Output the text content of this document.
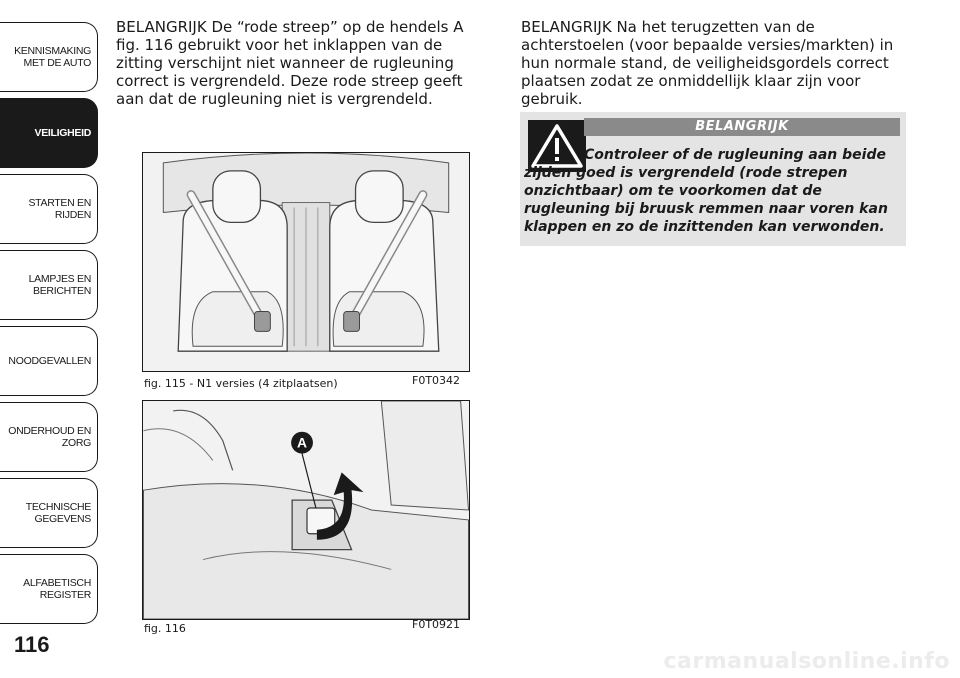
KENNISMAKING
MET DE AUTO
VEILIGHEID
STARTEN EN RIJDEN
LAMPJES EN
BERICHTEN
NOODGEVALLEN
ONDERHOUD EN
ZORG
TECHNISCHE
GEGEVENS
ALFABETISCH
REGISTER
116
BELANGRIJK De “rode streep” op de hendels A fig. 116 gebruikt voor het inklappen van de zitting verschijnt niet wanneer de rugleuning correct is vergrendeld. Deze rode streep geeft aan dat de rugleuning niet is vergrendeld.
fig. 115 - N1 versies (4 zitplaatsen)	F0T0342
A
fig. 116	F0T0921
BELANGRIJK Na het terugzetten van de achterstoelen (voor bepaalde versies/markten) in hun normale stand, de veiligheidsgordels correct plaatsen zodat ze onmiddellijk klaar zijn voor gebruik.
BELANGRIJK
Controleer of de rugleuning aan beide zijden goed is vergrendeld (rode strepen onzichtbaar) om te voorkomen dat de rugleuning bij bruusk remmen naar voren kan klappen en zo de inzittenden kan verwonden.
carmanualsonline.info
